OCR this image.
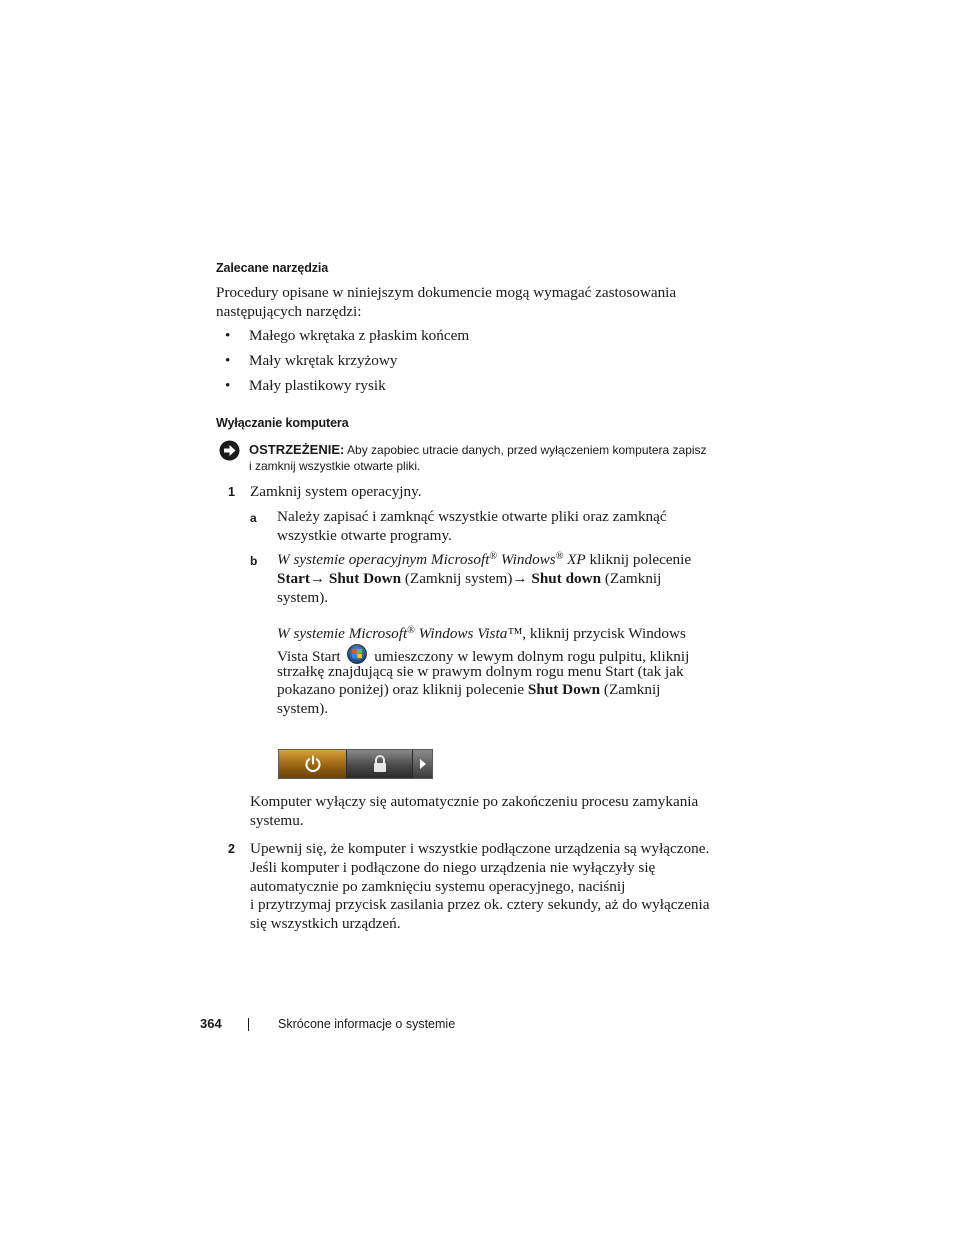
Zalecane narzędzia
Procedury opisane w niniejszym dokumencie mogą wymagać zastosowania
następujących narzędzi:
• Małego wkrętaka z płaskim końcem
• Mały wkrętak krzyżowy
• Mały plastikowy rysik
Wyłączanie komputera
OSTRZEŻENIE: Aby zapobiec utracie danych, przed wyłączeniem komputera zapisz
i zamknij wszystkie otwarte pliki.
1 Zamknij system operacyjny.
a Należy zapisać i zamknąć wszystkie otwarte pliki oraz zamknąć
wszystkie otwarte programy.
b W systemie operacyjnym Microsoft® Windows® XP kliknij polecenie
Start→ Shut Down (Zamknij system)→ Shut down (Zamknij
system).
W systemie Microsoft® Windows Vista™, kliknij przycisk Windows
Vista Start umieszczony w lewym dolnym rogu pulpitu, kliknij
strzałkę znajdującą sie w prawym dolnym rogu menu Start (tak jak
pokazano poniżej) oraz kliknij polecenie Shut Down (Zamknij
system).
Komputer wyłączy się automatycznie po zakończeniu procesu zamykania
systemu.
2 Upewnij się, że komputer i wszystkie podłączone urządzenia są wyłączone.
Jeśli komputer i podłączone do niego urządzenia nie wyłączyły się
automatycznie po zamknięciu systemu operacyjnego, naciśnij
i przytrzymaj przycisk zasilania przez ok. cztery sekundy, aż do wyłączenia
się wszystkich urządzeń.
364	Skrócone informacje o systemie
